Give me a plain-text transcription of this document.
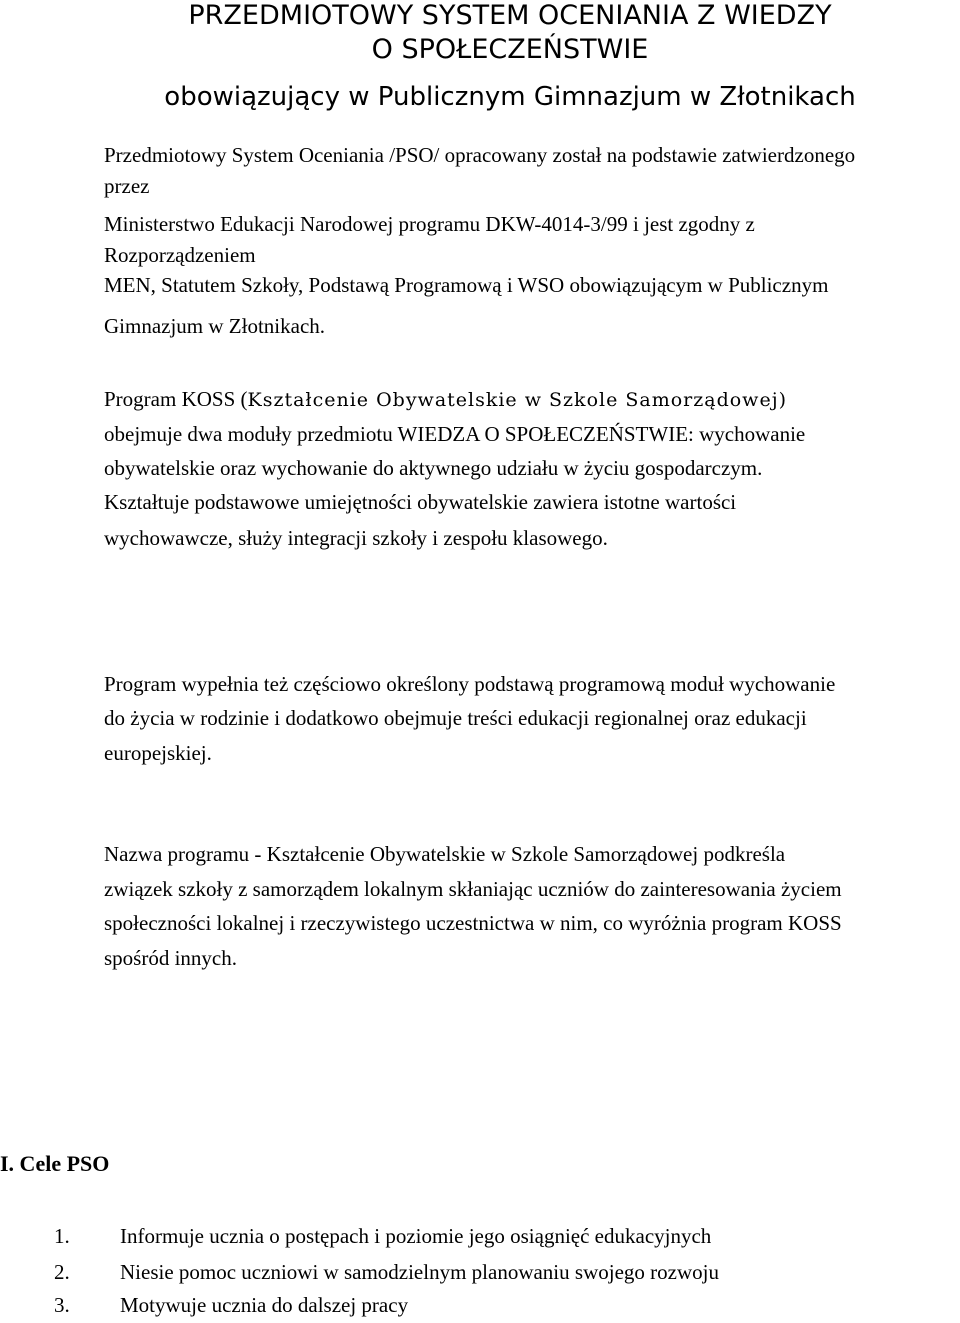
PRZEDMIOTOWY SYSTEM OCENIANIA Z WIEDZY
O SPOŁECZEŃSTWIE
obowiązujący w Publicznym Gimnazjum w Złotnikach
Przedmiotowy System Oceniania /PSO/ opracowany został na podstawie zatwierdzonego
przez
Ministerstwo Edukacji Narodowej programu DKW-4014-3/99 i jest zgodny z
Rozporządzeniem
MEN, Statutem Szkoły, Podstawą Programową i WSO obowiązującym w Publicznym
Gimnazjum w Złotnikach.
Program KOSS (Kształcenie Obywatelskie w Szkole Samorządowej)
obejmuje dwa moduły przedmiotu WIEDZA O SPOŁECZEŃSTWIE: wychowanie
obywatelskie oraz wychowanie do aktywnego udziału w życiu gospodarczym.
Kształtuje podstawowe umiejętności obywatelskie zawiera istotne wartości
wychowawcze, służy integracji szkoły i zespołu klasowego.
Program wypełnia też częściowo określony podstawą programową moduł wychowanie
do życia w rodzinie i dodatkowo obejmuje treści edukacji regionalnej oraz edukacji
europejskiej.
Nazwa programu - Kształcenie Obywatelskie w Szkole Samorządowej podkreśla
związek szkoły z samorządem lokalnym skłaniając uczniów do zainteresowania życiem
społeczności lokalnej i rzeczywistego uczestnictwa w nim, co wyróżnia program KOSS
spośród innych.
I. Cele PSO
1. Informuje ucznia o postępach i poziomie jego osiągnięć edukacyjnych
2. Niesie pomoc uczniowi w samodzielnym planowaniu swojego rozwoju
3. Motywuje ucznia do dalszej pracy
